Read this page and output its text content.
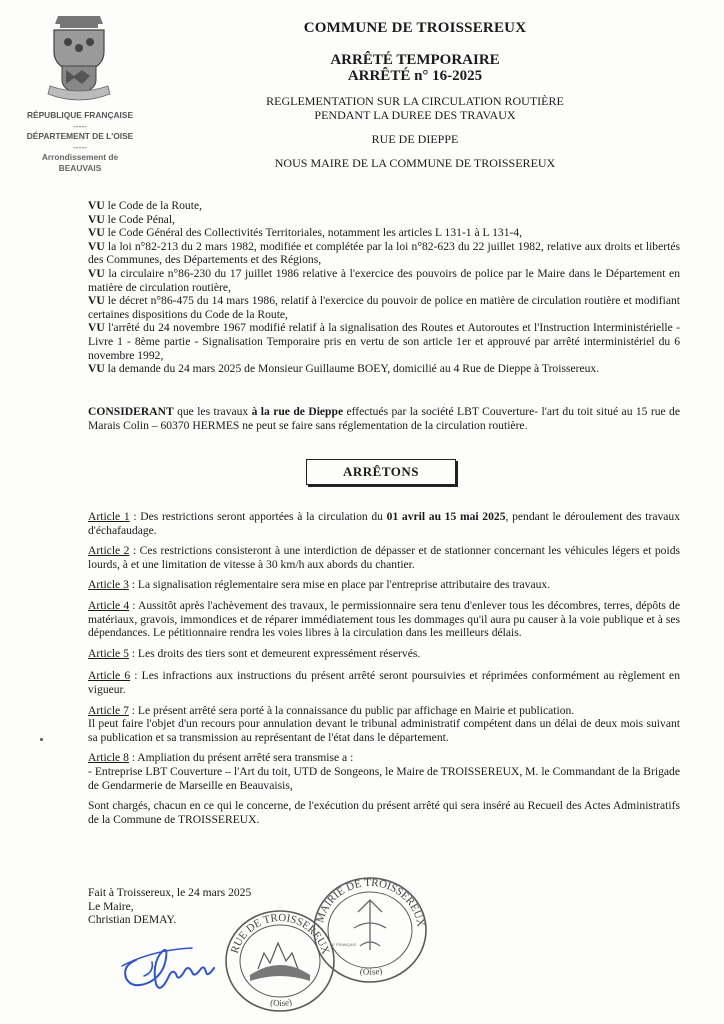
RÉPUBLIQUE FRANÇAISE
-----
DÉPARTEMENT DE L'OISE
-----
Arrondissement de
BEAUVAIS
COMMUNE DE TROISSEREUX
ARRÊTÉ TEMPORAIRE
ARRÊTÉ n° 16-2025
REGLEMENTATION SUR LA CIRCULATION ROUTIÈRE
PENDANT LA DUREE DES TRAVAUX
RUE DE DIEPPE
NOUS MAIRE DE LA COMMUNE DE TROISSEREUX

VU le Code de la Route,

VU le Code Pénal,

VU le Code Général des Collectivités Territoriales, notamment les articles L 131-1 à L 131-4,

VU la loi n°82-213 du 2 mars 1982, modifiée et complétée par la loi n°82-623 du 22 juillet 1982, relative aux droits et libertés des Communes, des Départements et des Régions,

VU la circulaire n°86-230 du 17 juillet 1986 relative à l'exercice des pouvoirs de police par le Maire dans le Département en matière de circulation routière,

VU le décret n°86-475 du 14 mars 1986, relatif à l'exercice du pouvoir de police en matière de circulation routière et modifiant certaines dispositions du Code de la Route,

VU l'arrêté du 24 novembre 1967 modifié relatif à la signalisation des Routes et Autoroutes et l'Instruction Interministérielle - Livre 1 - 8ème partie - Signalisation Temporaire pris en vertu de son article 1er et approuvé par arrêté interministériel du 6 novembre 1992,

VU la demande du 24 mars 2025 de Monsieur Guillaume BOEY, domicilié au 4 Rue de Dieppe à Troissereux.

CONSIDERANT que les travaux à la rue de Dieppe effectués par la société LBT Couverture- l'art du toit situé au 15 rue de Marais Colin – 60370 HERMES ne peut se faire sans réglementation de la circulation routière.

ARRÊTONS

Article 1 : Des restrictions seront apportées à la circulation du 01 avril au 15 mai 2025, pendant le déroulement des travaux d'échafaudage.

Article 2 : Ces restrictions consisteront à une interdiction de dépasser et de stationner concernant les véhicules légers et poids lourds, à et une limitation de vitesse à 30 km/h aux abords du chantier.

Article 3 : La signalisation réglementaire sera mise en place par l'entreprise attributaire des travaux.

Article 4 : Aussitôt après l'achèvement des travaux, le permissionnaire sera tenu d'enlever tous les décombres, terres, dépôts de matériaux, gravois, immondices et de réparer immédiatement tous les dommages qu'il aura pu causer à la voie publique et à ses dépendances. Le pétitionnaire rendra les voies libres à la circulation dans les meilleurs délais.

Article 5 : Les droits des tiers sont et demeurent expressément réservés.

Article 6 : Les infractions aux instructions du présent arrêté seront poursuivies et réprimées conformément au règlement en vigueur.

Article 7 : Le présent arrêté sera porté à la connaissance du public par affichage en Mairie et publication.

Il peut faire l'objet d'un recours pour annulation devant le tribunal administratif compétent dans un délai de deux mois suivant sa publication et sa transmission au représentant de l'état dans le département.

Article 8 : Ampliation du présent arrêté sera transmise a :

- Entreprise LBT Couverture – l'Art du toit, UTD de Songeons, le Maire de TROISSEREUX, M. le Commandant de la Brigade de Gendarmerie de Marseille en Beauvaisis,

Sont chargés, chacun en ce qui le concerne, de l'exécution du présent arrêté qui sera inséré au Recueil des Actes Administratifs de la Commune de TROISSEREUX.

Fait à Troissereux, le 24 mars 2025
Le Maire,
Christian DEMAY.
RUE DE TROISSEREUX
(Oise)
MAIRIE DE TROISSEREUX
(Oise)
LE FRANÇAIS
